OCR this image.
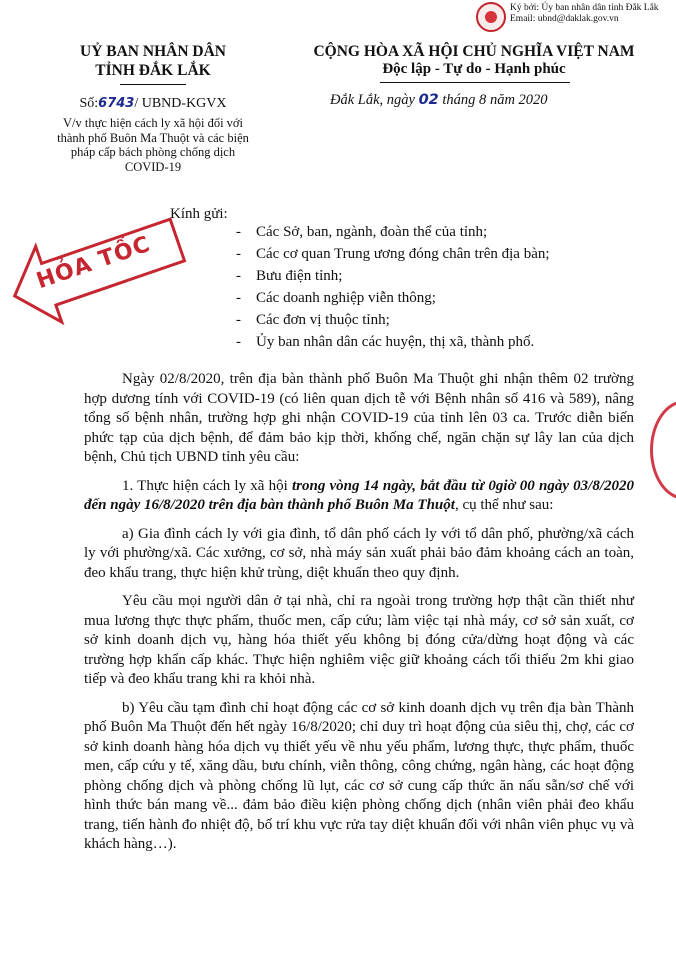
Ký bởi: Ủy ban nhân dân tỉnh Đắk Lắk
Email: ubnd@daklak.gov.vn
UỶ BAN NHÂN DÂN
TỈNH ĐẮK LẮK
CỘNG HÒA XÃ HỘI CHỦ NGHĨA VIỆT NAM
Độc lập - Tự do - Hạnh phúc
Số:6743/ UBND-KGVX
V/v thực hiện cách ly xã hội đối với thành phố Buôn Ma Thuột và các biện pháp cấp bách phòng chống dịch COVID-19
Đắk Lắk, ngày 02 tháng 8 năm 2020
HỎA TỐC
Kính gửi:
- Các Sở, ban, ngành, đoàn thể của tỉnh;
- Các cơ quan Trung ương đóng chân trên địa bàn;
- Bưu điện tỉnh;
- Các doanh nghiệp viễn thông;
- Các đơn vị thuộc tỉnh;
- Ủy ban nhân dân các huyện, thị xã, thành phố.

Ngày 02/8/2020, trên địa bàn thành phố Buôn Ma Thuột ghi nhận thêm 02 trường hợp dương tính với COVID-19 (có liên quan dịch tễ với Bệnh nhân số 416 và 589), nâng tổng số bệnh nhân, trường hợp ghi nhận COVID-19 của tỉnh lên 03 ca. Trước diễn biến phức tạp của dịch bệnh, để đảm bảo kịp thời, khống chế, ngăn chặn sự lây lan của dịch bệnh, Chủ tịch UBND tỉnh yêu cầu:

1. Thực hiện cách ly xã hội trong vòng 14 ngày, bắt đầu từ 0giờ 00 ngày 03/8/2020 đến ngày 16/8/2020 trên địa bàn thành phố Buôn Ma Thuột, cụ thể như sau:

a) Gia đình cách ly với gia đình, tổ dân phố cách ly với tổ dân phố, phường/xã cách ly với phường/xã. Các xưởng, cơ sở, nhà máy sản xuất phải bảo đảm khoảng cách an toàn, đeo khẩu trang, thực hiện khử trùng, diệt khuẩn theo quy định.

Yêu cầu mọi người dân ở tại nhà, chỉ ra ngoài trong trường hợp thật cần thiết như mua lương thực thực phẩm, thuốc men, cấp cứu; làm việc tại nhà máy, cơ sở sản xuất, cơ sở kinh doanh dịch vụ, hàng hóa thiết yếu không bị đóng cửa/dừng hoạt động và các trường hợp khẩn cấp khác. Thực hiện nghiêm việc giữ khoảng cách tối thiểu 2m khi giao tiếp và đeo khẩu trang khi ra khỏi nhà.

b) Yêu cầu tạm đình chỉ hoạt động các cơ sở kinh doanh dịch vụ trên địa bàn Thành phố Buôn Ma Thuột đến hết ngày 16/8/2020; chỉ duy trì hoạt động của siêu thị, chợ, các cơ sở kinh doanh hàng hóa dịch vụ thiết yếu về nhu yếu phẩm, lương thực, thực phẩm, thuốc men, cấp cứu y tế, xăng dầu, bưu chính, viễn thông, công chứng, ngân hàng, các hoạt động phòng chống dịch và phòng chống lũ lụt, các cơ sở cung cấp thức ăn nấu sẵn/sơ chế với hình thức bán mang về... đảm bảo điều kiện phòng chống dịch (nhân viên phải đeo khẩu trang, tiến hành đo nhiệt độ, bố trí khu vực rửa tay diệt khuẩn đối với nhân viên phục vụ và khách hàng…).
